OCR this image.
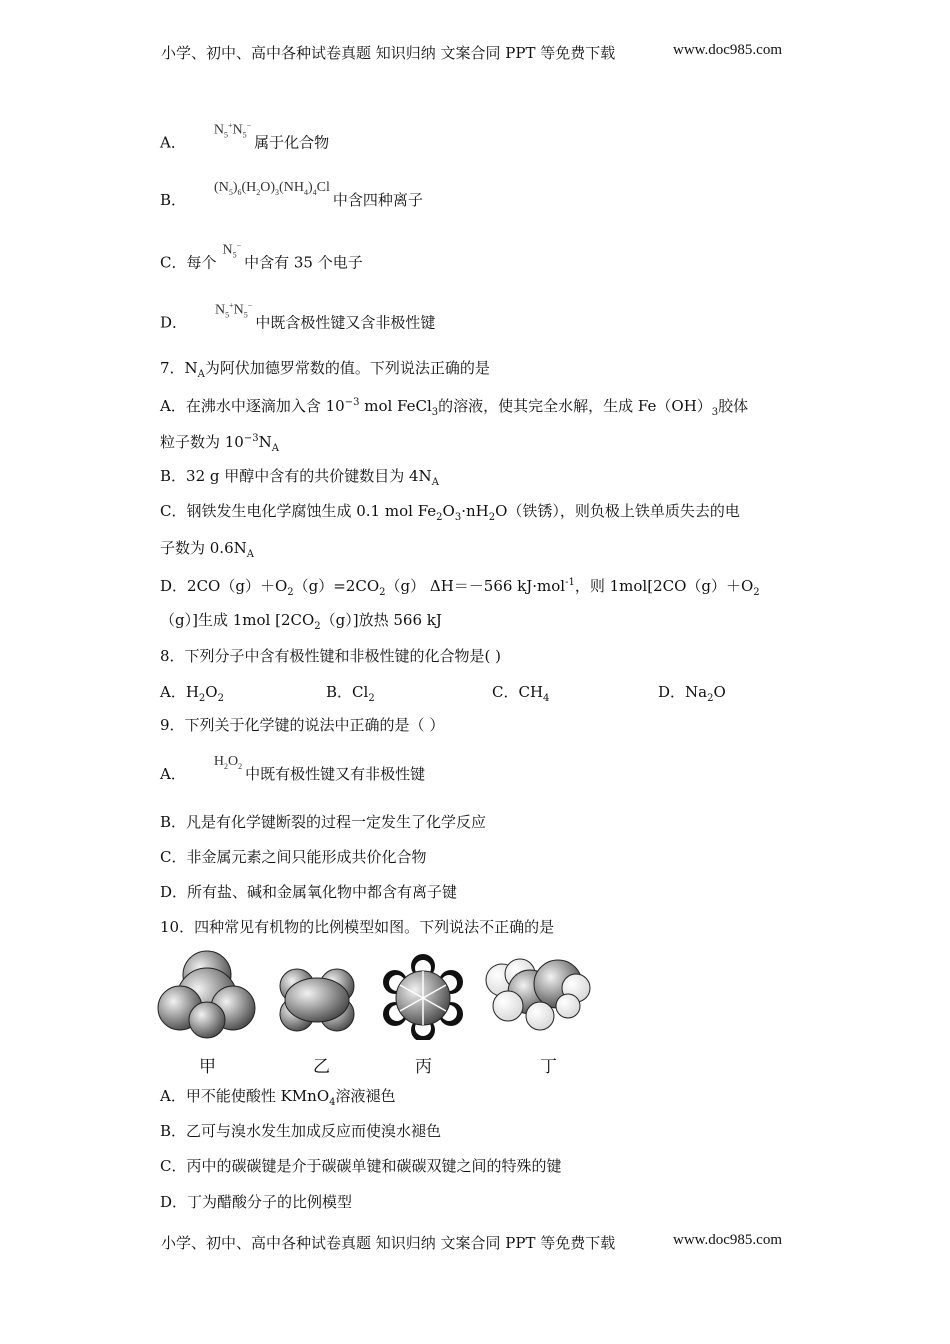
小学、初中、高中各种试卷真题 知识归纳 文案合同 PPT 等免费下载	www.doc985.com
A．$N_5^+N_5^-$属于化合物
B．$(N_5)_6(H_2O)_3(NH_4)_4Cl$中含四种离子
C．每个$N_5^-$中含有 35 个电子
D．$N_5^+N_5^-$中既含极性键又含非极性键
7．$N_A$为阿伏加德罗常数的值。下列说法正确的是
A．在沸水中逐滴加入含 $10^{-3}$ mol FeCl$_3$的溶液，使其完全水解，生成 $Fe(OH)_3$胶体
粒子数为 $10^{-3}N_A$
B．32 g 甲醇中含有的共价键数目为 $4N_A$
C．钢铁发生电化学腐蚀生成 0.1 mol $Fe_2O_3\cdot nH_2O$（铁锈），则负极上铁单质失去的电
子数为 $0.6N_A$
D．$2CO(g)+O_2(g)=2CO_2(g)$ ΔH＝－566 kJ·mol$^{-1}$，则 $1mol[2CO(g)+O_2$
（g）]生成 1mol $[2CO_2(g)]$放热 566 kJ
8．下列分子中含有极性键和非极性键的化合物是( )
A．$H_2O_2$	B．$Cl_2$	C．$CH_4$	D．$Na_2O$
9．下列关于化学键的说法中正确的是（ ）
A．$H_2O_2$ 中既有极性键又有非极性键
B．凡是有化学键断裂的过程一定发生了化学反应
C．非金属元素之间只能形成共价化合物
D．所有盐、碱和金属氧化物中都含有离子键
10．四种常见有机物的比例模型如图。下列说法不正确的是
甲	乙	丙	丁
A．甲不能使酸性 KMnO$_4$溶液褪色
B．乙可与溴水发生加成反应而使溴水褪色
C．丙中的碳碳键是介于碳碳单键和碳碳双键之间的特殊的键
D．丁为醋酸分子的比例模型
小学、初中、高中各种试卷真题 知识归纳 文案合同 PPT 等免费下载	www.doc985.com
